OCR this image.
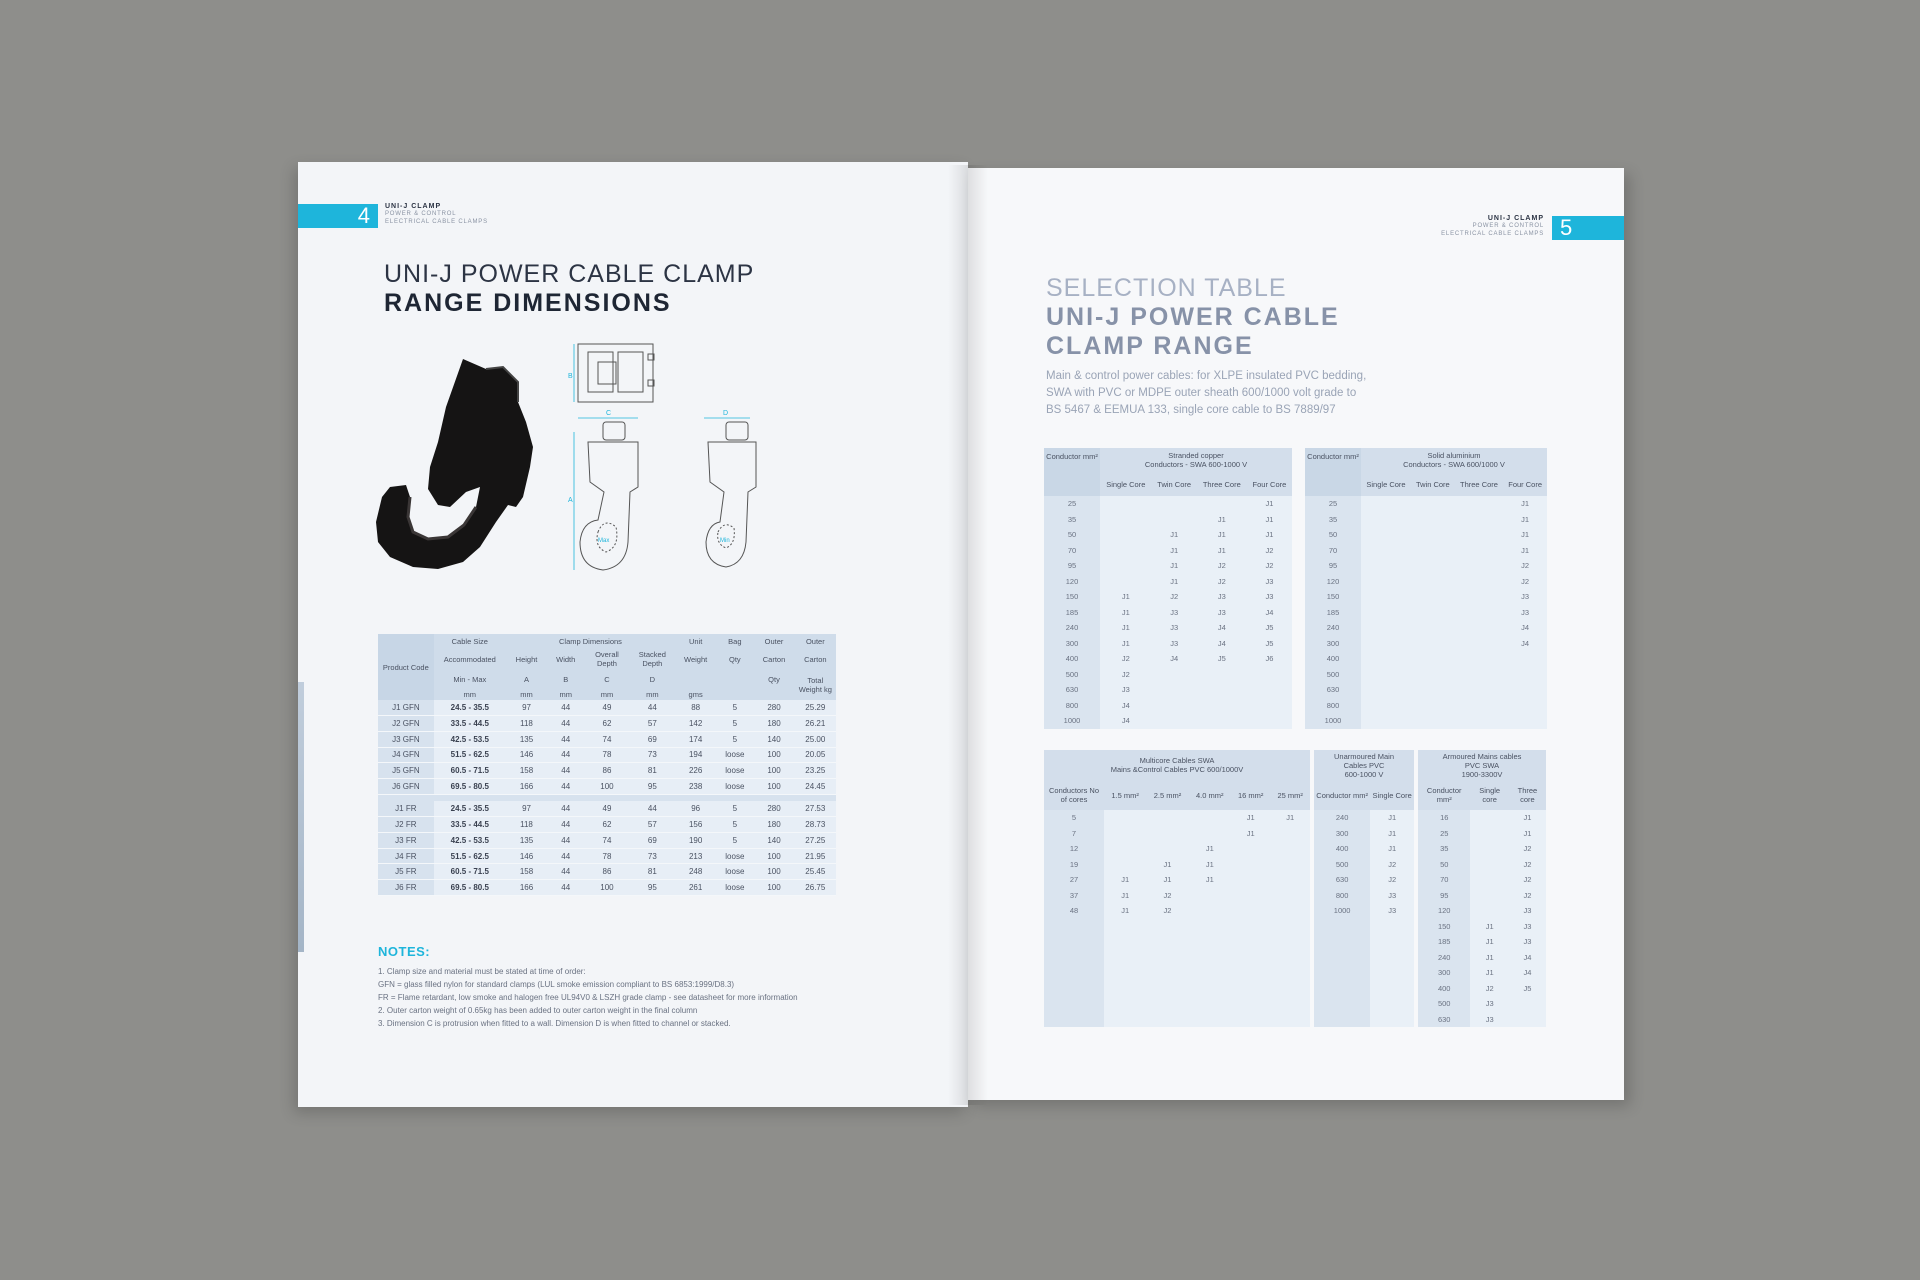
4 UNI-J CLAMP
POWER & CONTROL
ELECTRICAL CABLE CLAMPS
UNI-J POWER CABLE CLAMP
RANGE DIMENSIONS
B
C	D
A
Max	Min
Product Code	Cable Size	Clamp Dimensions				Unit	Bag	Outer	Outer
	Accommodated	Height	Width	Overall Depth	Stacked Depth	Weight	Qty	Carton	Carton
	Min - Max	A	B	C	D			Qty	Total Weight kg
	mm	mm	mm	mm	mm	gms			
J1 GFN	24.5 - 35.5	97	44	49	44	88	5	280	25.29
J2 GFN	33.5 - 44.5	118	44	62	57	142	5	180	26.21
J3 GFN	42.5 - 53.5	135	44	74	69	174	5	140	25.00
J4 GFN	51.5 - 62.5	146	44	78	73	194	loose	100	20.05
J5 GFN	60.5 - 71.5	158	44	86	81	226	loose	100	23.25
J6 GFN	69.5 - 80.5	166	44	100	95	238	loose	100	24.45

J1 FR	24.5 - 35.5	97	44	49	44	96	5	280	27.53
J2 FR	33.5 - 44.5	118	44	62	57	156	5	180	28.73
J3 FR	42.5 - 53.5	135	44	74	69	190	5	140	27.25
J4 FR	51.5 - 62.5	146	44	78	73	213	loose	100	21.95
J5 FR	60.5 - 71.5	158	44	86	81	248	loose	100	25.45
J6 FR	69.5 - 80.5	166	44	100	95	261	loose	100	26.75
NOTES:

1. Clamp size and material must be stated at time of order:

GFN = glass filled nylon for standard clamps (LUL smoke emission compliant to BS 6853:1999/D8.3)

FR = Flame retardant, low smoke and halogen free UL94V0 & LSZH grade clamp - see datasheet for more information

2. Outer carton weight of 0.65kg has been added to outer carton weight in the final column

3. Dimension C is protrusion when fitted to a wall. Dimension D is when fitted to channel or stacked.

5
UNI-J CLAMP
POWER & CONTROL
ELECTRICAL CABLE CLAMPS
SELECTION TABLE
UNI-J POWER CABLE
CLAMP RANGE
Main & control power cables: for XLPE insulated PVC bedding,
SWA with PVC or MDPE outer sheath 600/1000 volt grade to
BS 5467 & EEMUA 133, single core cable to BS 7889/97
Conductor mm²	Stranded copper
Conductors - SWA 600-1000 V			

	Single Core	Twin Core	Three Core	Four Core
25				J1
35			J1	J1
50		J1	J1	J1
70		J1	J1	J2
95		J1	J2	J2
120		J1	J2	J3
150	J1	J2	J3	J3
185	J1	J3	J3	J4
240	J1	J3	J4	J5
300	J1	J3	J4	J5
400	J2	J4	J5	J6
500	J2			
630	J3			
800	J4			
1000	J4			
Conductor mm²	Solid aluminium
Conductors - SWA 600/1000 V			

	Single Core	Twin Core	Three Core	Four Core
25				J1
35				J1
50				J1
70				J1
95				J2
120				J2
150				J3
185				J3
240				J4
300				J4
400				
500				
630				
800				
1000				
Multicore Cables SWA
Mains &Control Cables PVC 600/1000V					

Conductors No of cores	1.5 mm²	2.5 mm²	4.0 mm²	16 mm²	25 mm²
5				J1	J1
7				J1	
12			J1		
19		J1	J1		
27	J1	J1	J1		
37	J1	J2			
48	J1	J2			

Unarmoured Main
Cables PVC
600-1000 V	

Conductor mm²	Single Core
240	J1
300	J1
400	J1
500	J2
630	J2
800	J3
1000	J3

Armoured Mains cables
PVC SWA
1900-3300V		

Conductor mm²	Single core	Three core
16		J1
25		J1
35		J2
50		J2
70		J2
95		J2
120		J3
150	J1	J3
185	J1	J3
240	J1	J4
300	J1	J4
400	J2	J5
500	J3	
630	J3	
